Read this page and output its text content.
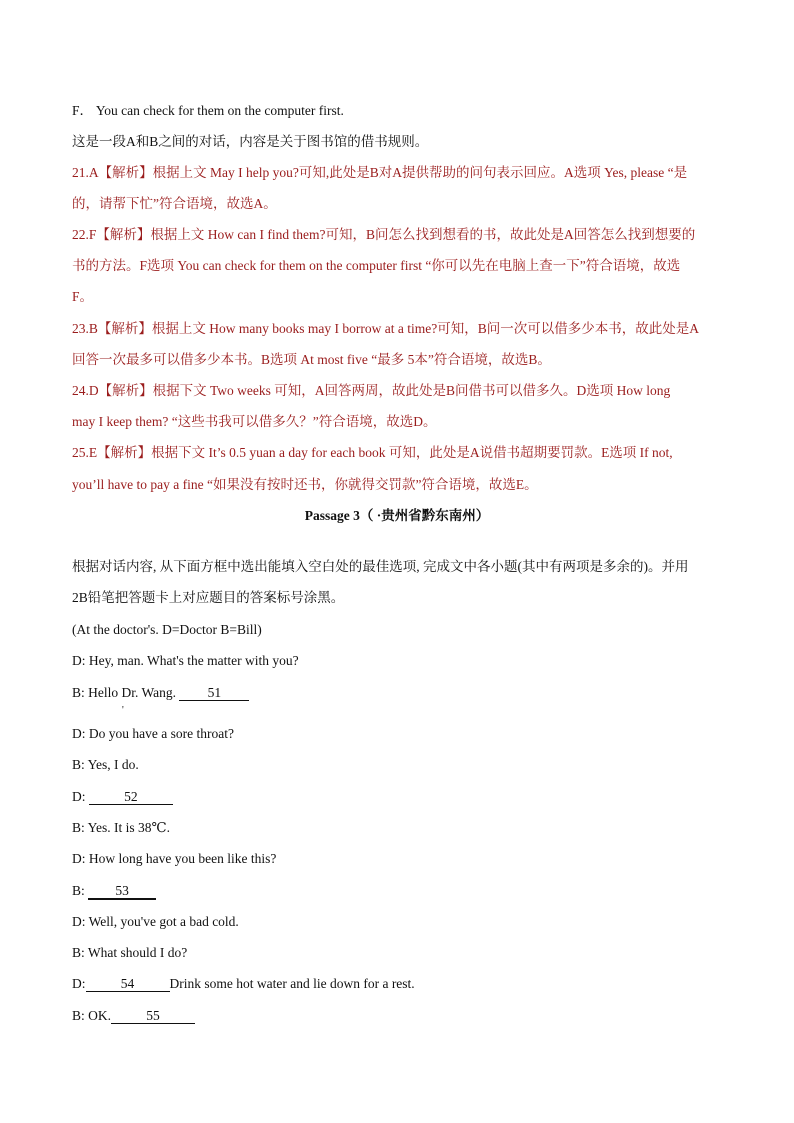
F． You can check for them on the computer first.
这是一段A和B之间的对话，内容是关于图书馆的借书规则。
21.A【解析】根据上文 May I help you?可知,此处是B对A提供帮助的问句表示回应。A选项 Yes, please “是
的，请帮下忙”符合语境，故选A。
22.F【解析】根据上文 How can I find them?可知，B问怎么找到想看的书，故此处是A回答怎么找到想要的
书的方法。F选项 You can check for them on the computer first “你可以先在电脑上查一下”符合语境，故选
F。
23.B【解析】根据上文 How many books may I borrow at a time?可知，B问一次可以借多少本书，故此处是A
回答一次最多可以借多少本书。B选项 At most five “最多 5本”符合语境，故选B。
24.D【解析】根据下文 Two weeks 可知，A回答两周，故此处是B问借书可以借多久。D选项 How long
may I keep them? “这些书我可以借多久？”符合语境，故选D。
25.E【解析】根据下文 It’s 0.5 yuan a day for each book 可知，此处是A说借书超期要罚款。E选项 If not,
you’ll have to pay a fine “如果没有按时还书，你就得交罚款”符合语境，故选E。
Passage 3（ ·贵州省黔东南州）
根据对话内容, 从下面方框中选出能填入空白处的最佳选项, 完成文中各小题(其中有两项是多余的)。并用
2B铅笔把答题卡上对应题目的答案标号涂黑。
(At the doctor's. D=Doctor B=Bill)
D: Hey, man. What's the matter with you?
B: Hello Dr. Wang. 51
'
D: Do you have a sore throat?
B: Yes, I do.
D:	52
B: Yes. It is 38℃.
D: How long have you been like this?
B: 53
D: Well, you've got a bad cold.
B: What should I do?
D:	54	Drink some hot water and lie down for a rest.
B: OK.	55
